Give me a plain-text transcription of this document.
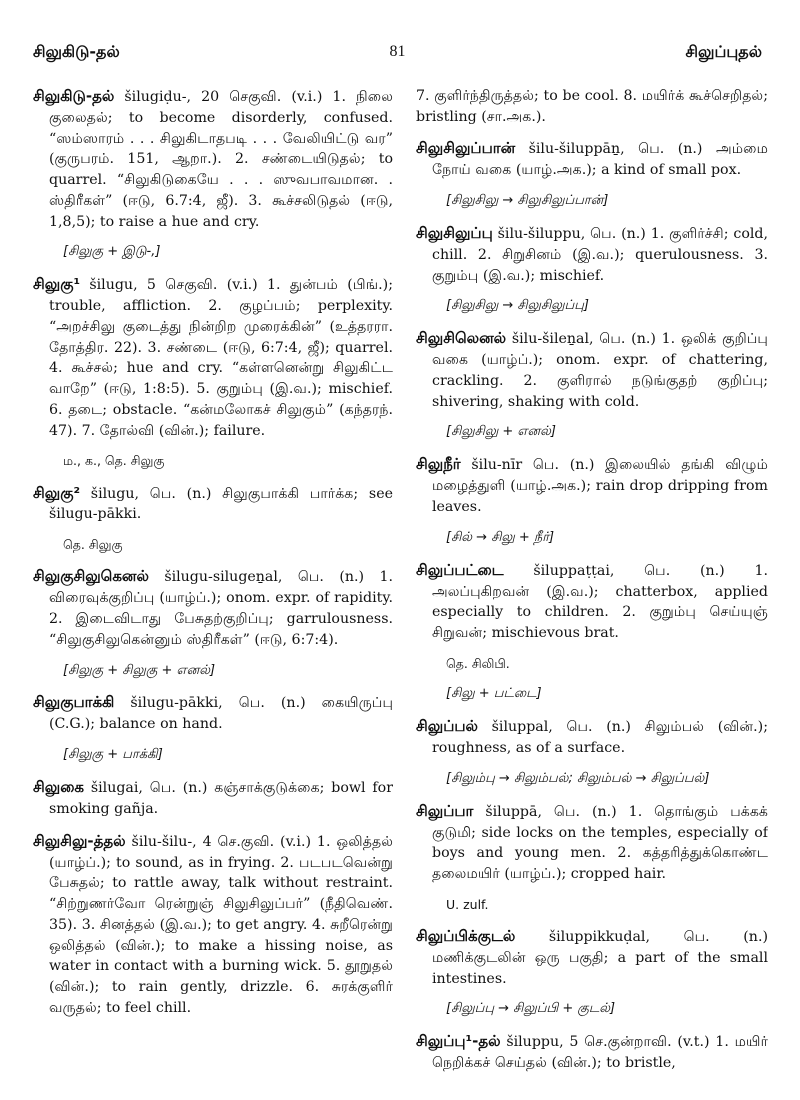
சிலுகிடு-தல்	81	சிலுப்புதல்

சிலுகிடு-தல் šilugiḍu-, 20 செகுவி. (v.i.) 1. நிலை குலைதல்; to become disorderly, confused. “ஸம்ஸாரம் . . . சிலுகிடாதபடி . . . வேலியிட்டு வர” (குருபரம். 151, ஆறா.). 2. சண்டையிடுதல்; to quarrel. “சிலுகிடுகையே . . . ஸுவபாவமான. . ஸ்திரீகள்” (ஈடு, 6.7:4, ஜீ). 3. கூச்சலிடுதல் (ஈடு, 1,8,5); to raise a hue and cry.

[சிலுகு + இடு-,]

சிலுகு¹ šilugu, 5 செகுவி. (v.i.) 1. துன்பம் (பிங்.); trouble, affliction. 2. குழப்பம்; perplexity. “அறச்சிலு குடைத்து நின்றிற முரைக்கின்” (உத்தரரா. தோத்திர. 22). 3. சண்டை (ஈடு, 6:7:4, ஜீ); quarrel. 4. கூச்சல்; hue and cry. “கள்ளனென்று சிலுகிட்ட வாறே” (ஈடு, 1:8:5). 5. குறும்பு (இ.வ.); mischief. 6. தடை; obstacle. “கன்மலோகச் சிலுகும்” (கந்தரந். 47). 7. தோல்வி (வின்.); failure.

ம., க., தெ. சிலுகு

சிலுகு² šilugu, பெ. (n.) சிலுகுபாக்கி பார்க்க; see šilugu-pākki.

தெ. சிலுகு

சிலுகுசிலுகெனல் šilugu-silugeṉal, பெ. (n.) 1. விரைவுக்குறிப்பு (யாழ்ப்.); onom. expr. of rapidity. 2. இடைவிடாது பேசுதற்குறிப்பு; garrulousness. “சிலுகுசிலுகென்னும் ஸ்திரீகள்” (ஈடு, 6:7:4).

[சிலுகு + சிலுகு + எனல்]

சிலுகுபாக்கி šilugu-pākki, பெ. (n.) கையிருப்பு (C.G.); balance on hand.

[சிலுகு + பாக்கி]

சிலுகை šilugai, பெ. (n.) கஞ்சாக்குடுக்கை; bowl for smoking gañja.

சிலுசிலு-த்தல் šilu-šilu-, 4 செ.குவி. (v.i.) 1. ஒலித்தல் (யாழ்ப்.); to sound, as in frying. 2. படபடவென்று பேசுதல்; to rattle away, talk without restraint. “சிற்றுணர்வோ ரென்றுஞ் சிலுசிலுப்பர்” (நீதிவெண். 35). 3. சினத்தல் (இ.வ.); to get angry. 4. சுறீரென்று ஒலித்தல் (வின்.); to make a hissing noise, as water in contact with a burning wick. 5. தூறுதல் (வின்.); to rain gently, drizzle. 6. சுரக்குளிர் வருதல்; to feel chill.

7. குளிர்ந்திருத்தல்; to be cool. 8. மயிர்க் கூச்செறிதல்; bristling (சா.அக.).

சிலுசிலுப்பான் šilu-šiluppāṉ, பெ. (n.) அம்மை நோய் வகை (யாழ்.அக.); a kind of small pox.

[சிலுசிலு → சிலுசிலுப்பான்]

சிலுசிலுப்பு šilu-šiluppu, பெ. (n.) 1. குளிர்ச்சி; cold, chill. 2. சிறுசினம் (இ.வ.); querulousness. 3. குறும்பு (இ.வ.); mischief.

[சிலுசிலு → சிலுசிலுப்பு]

சிலுசிலெனல் šilu-šileṉal, பெ. (n.) 1. ஒலிக் குறிப்பு வகை (யாழ்ப்.); onom. expr. of chattering, crackling. 2. குளிரால் நடுங்குதற் குறிப்பு; shivering, shaking with cold.

[சிலுசிலு + எனல்]

சிலுநீர் šilu-nīr பெ. (n.) இலையில் தங்கி விழும் மழைத்துளி (யாழ்.அக.); rain drop dripping from leaves.

[சில் → சிலு + நீர்]

சிலுப்பட்டை šiluppaṭṭai, பெ. (n.) 1. அலப்புகிறவன் (இ.வ.); chatterbox, applied especially to children. 2. குறும்பு செய்யுஞ் சிறுவன்; mischievous brat.

தெ. சிலிபி.

[சிலு + பட்டை]

சிலுப்பல் šiluppal, பெ. (n.) சிலும்பல் (வின்.); roughness, as of a surface.

[சிலும்பு → சிலும்பல்; சிலும்பல் → சிலுப்பல்]

சிலுப்பா šiluppā, பெ. (n.) 1. தொங்கும் பக்கக் குடுமி; side locks on the temples, especially of boys and young men. 2. கத்தரித்துக்கொண்ட தலைமயிர் (யாழ்ப்.); cropped hair.

U. zulf.

சிலுப்பிக்குடல் šiluppikkuḍal, பெ. (n.) மணிக்குடலின் ஒரு பகுதி; a part of the small intestines.

[சிலுப்பு → சிலுப்பி + குடல்]

சிலுப்பு¹-தல் šiluppu, 5 செ.குன்றாவி. (v.t.) 1. மயிர் நெறிக்கச் செய்தல் (வின்.); to bristle,
